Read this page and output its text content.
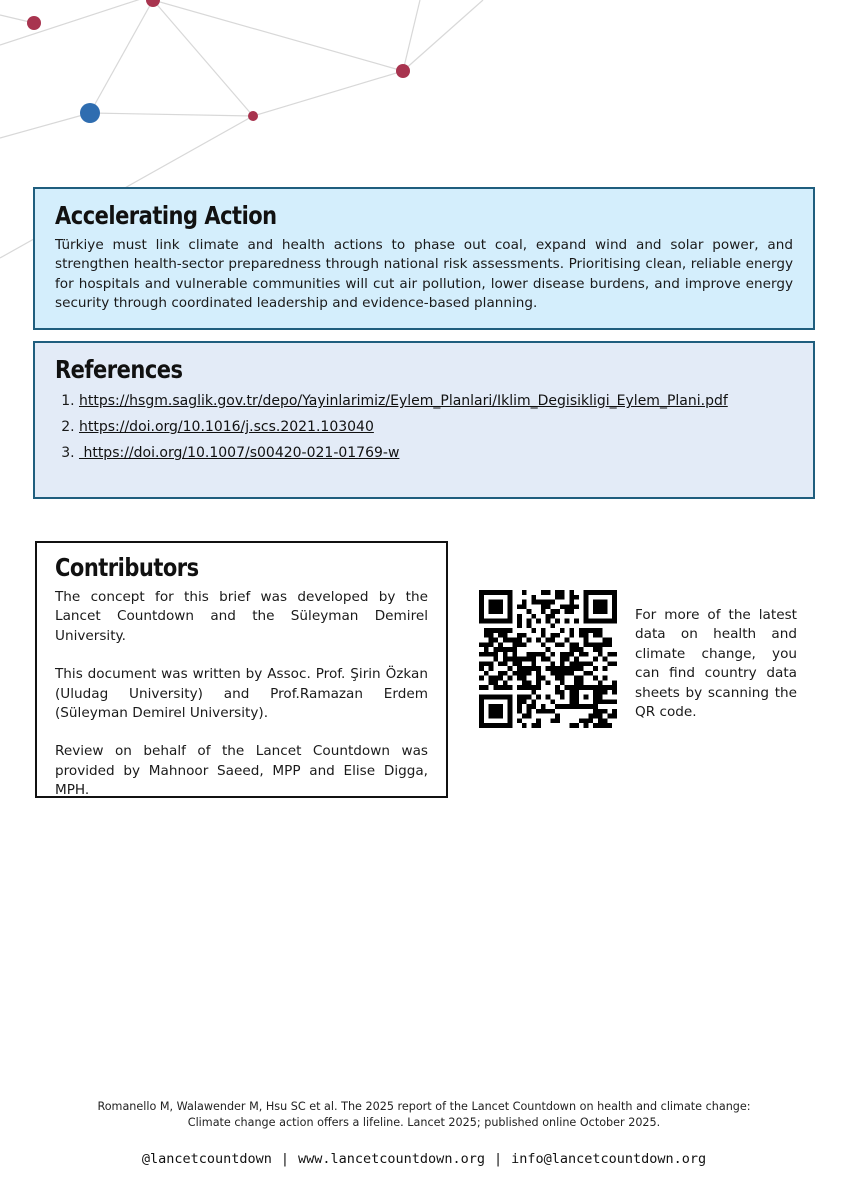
Accelerating Action

Türkiye must link climate and health actions to phase out coal, expand wind and solar power, and strengthen health-sector preparedness through national risk assessments. Prioritising clean, reliable energy for hospitals and vulnerable communities will cut air pollution, lower disease burdens, and improve energy security through coordinated leadership and evidence-based planning.

References
1. https://hsgm.saglik.gov.tr/depo/Yayinlarimiz/Eylem_Planlari/Iklim_Degisikligi_Eylem_Plani.pdf
2. https://doi.org/10.1016/j.scs.2021.103040
3.  https://doi.org/10.1007/s00420-021-01769-w
Contributors

The concept for this brief was developed by the Lancet Countdown and the Süleyman Demirel University.

This document was written by Assoc. Prof. Şirin Özkan (Uludag University) and Prof.Ramazan Erdem (Süleyman Demirel University).

Review on behalf of the Lancet Countdown was provided by Mahnoor Saeed, MPP and Elise Digga, MPH.

For more of the latest data on health and climate change, you can find country data sheets by scanning the QR code.

Romanello M, Walawender M, Hsu SC et al. The 2025 report of the Lancet Countdown on health and climate change:
Climate change action offers a lifeline. Lancet 2025; published online October 2025.
@lancetcountdown | www.lancetcountdown.org | info@lancetcountdown.org
